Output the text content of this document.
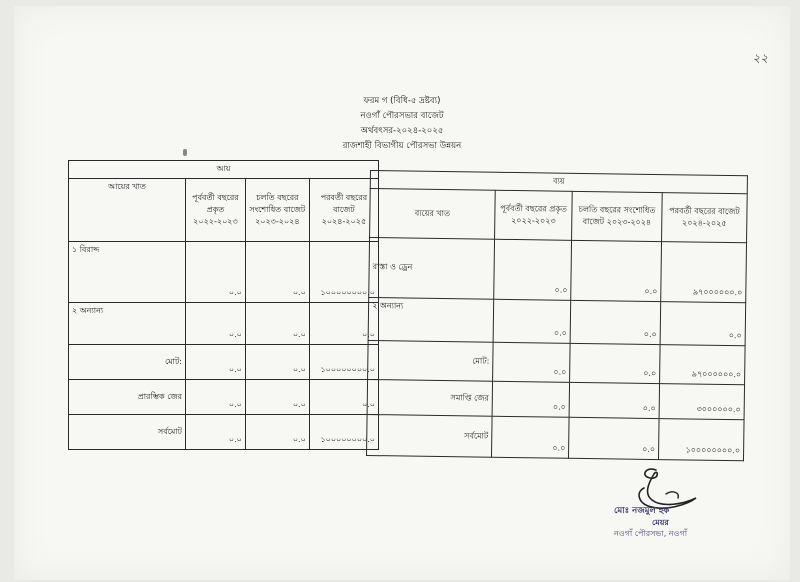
২২
ফরম গ (বিধি-৫ দ্রষ্টব্য)
নওগাঁ পৌরসভার বাজেট
অর্থবৎসর-২০২৪-২০২৫
রাজশাহী বিভাগীয় পৌরসভা উন্নয়ন
আয়			
আয়ের খাত	পূর্ববর্তী বছরের প্রকৃত ২০২২-২০২৩	চলতি বছরের সংশোধিত বাজেট ২০২৩-২০২৪	পরবর্তী বছরের বাজেট ২০২৪-২০২৫
১ বিরাদ্দ	০.০	০.০	১০০০০০০০০.০
২ অন্যান্য	০.০	০.০	০.০
মোট:	০.০	০.০	১০০০০০০০০.০
প্রারম্ভিক জের	০.০	০.০	০.০
সর্বমোট	০.০	০.০	১০০০০০০০০.০
ব্যয়			
ব্যয়ের খাত	পূর্ববর্তী বছরের প্রকৃত ২০২২-২০২৩	চলতি বছরের সংশোধিত বাজেট ২০২৩-২০২৪	পরবর্তী বছরের বাজেট ২০২৪-২০২৫
রাস্তা ও ড্রেন	০.০	০.০	৯৭০০০০০০.০
২ অন্যান্য	০.০	০.০	০.০
মোট:	০.০	০.০	৯৭০০০০০০.০
সমাপ্তি জের	০.০	০.০	৩০০০০০০.০
সর্বমোট	০.০	০.০	১০০০০০০০০.০
মোঃ নজমুল হক
মেয়র
নওগাঁ পৌরসভা, নওগাঁ
